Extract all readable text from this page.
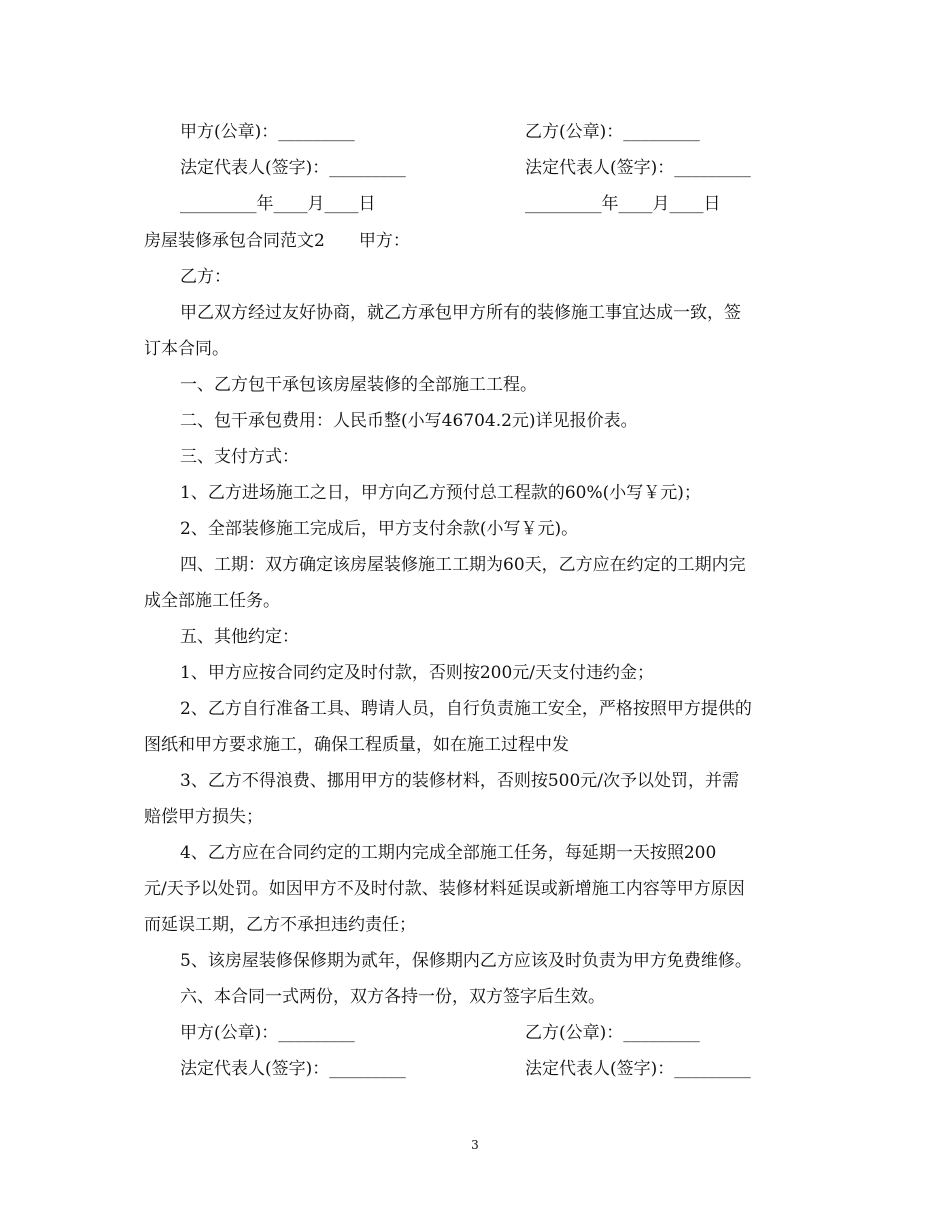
甲方(公章)：_________	乙方(公章)：_________
法定代表人(签字)：_________	法定代表人(签字)：_________
_________年____月____日	_________年____月____日
房屋装修承包合同范文2　　甲方：
乙方：
甲乙双方经过友好协商，就乙方承包甲方所有的装修施工事宜达成一致，签
订本合同。
一、乙方包干承包该房屋装修的全部施工工程。
二、包干承包费用：人民币整(小写46704.2元)详见报价表。
三、支付方式：
1、乙方进场施工之日，甲方向乙方预付总工程款的60%(小写￥元)；
2、全部装修施工完成后，甲方支付余款(小写￥元)。
四、工期：双方确定该房屋装修施工工期为60天，乙方应在约定的工期内完
成全部施工任务。
五、其他约定：
1、甲方应按合同约定及时付款，否则按200元/天支付违约金；
2、乙方自行准备工具、聘请人员，自行负责施工安全，严格按照甲方提供的
图纸和甲方要求施工，确保工程质量，如在施工过程中发
3、乙方不得浪费、挪用甲方的装修材料，否则按500元/次予以处罚，并需
赔偿甲方损失；
4、乙方应在合同约定的工期内完成全部施工任务，每延期一天按照200
元/天予以处罚。如因甲方不及时付款、装修材料延误或新增施工内容等甲方原因
而延误工期，乙方不承担违约责任；
5、该房屋装修保修期为贰年，保修期内乙方应该及时负责为甲方免费维修。
六、本合同一式两份，双方各持一份，双方签字后生效。
甲方(公章)：_________	乙方(公章)：_________
法定代表人(签字)：_________	法定代表人(签字)：_________
3
